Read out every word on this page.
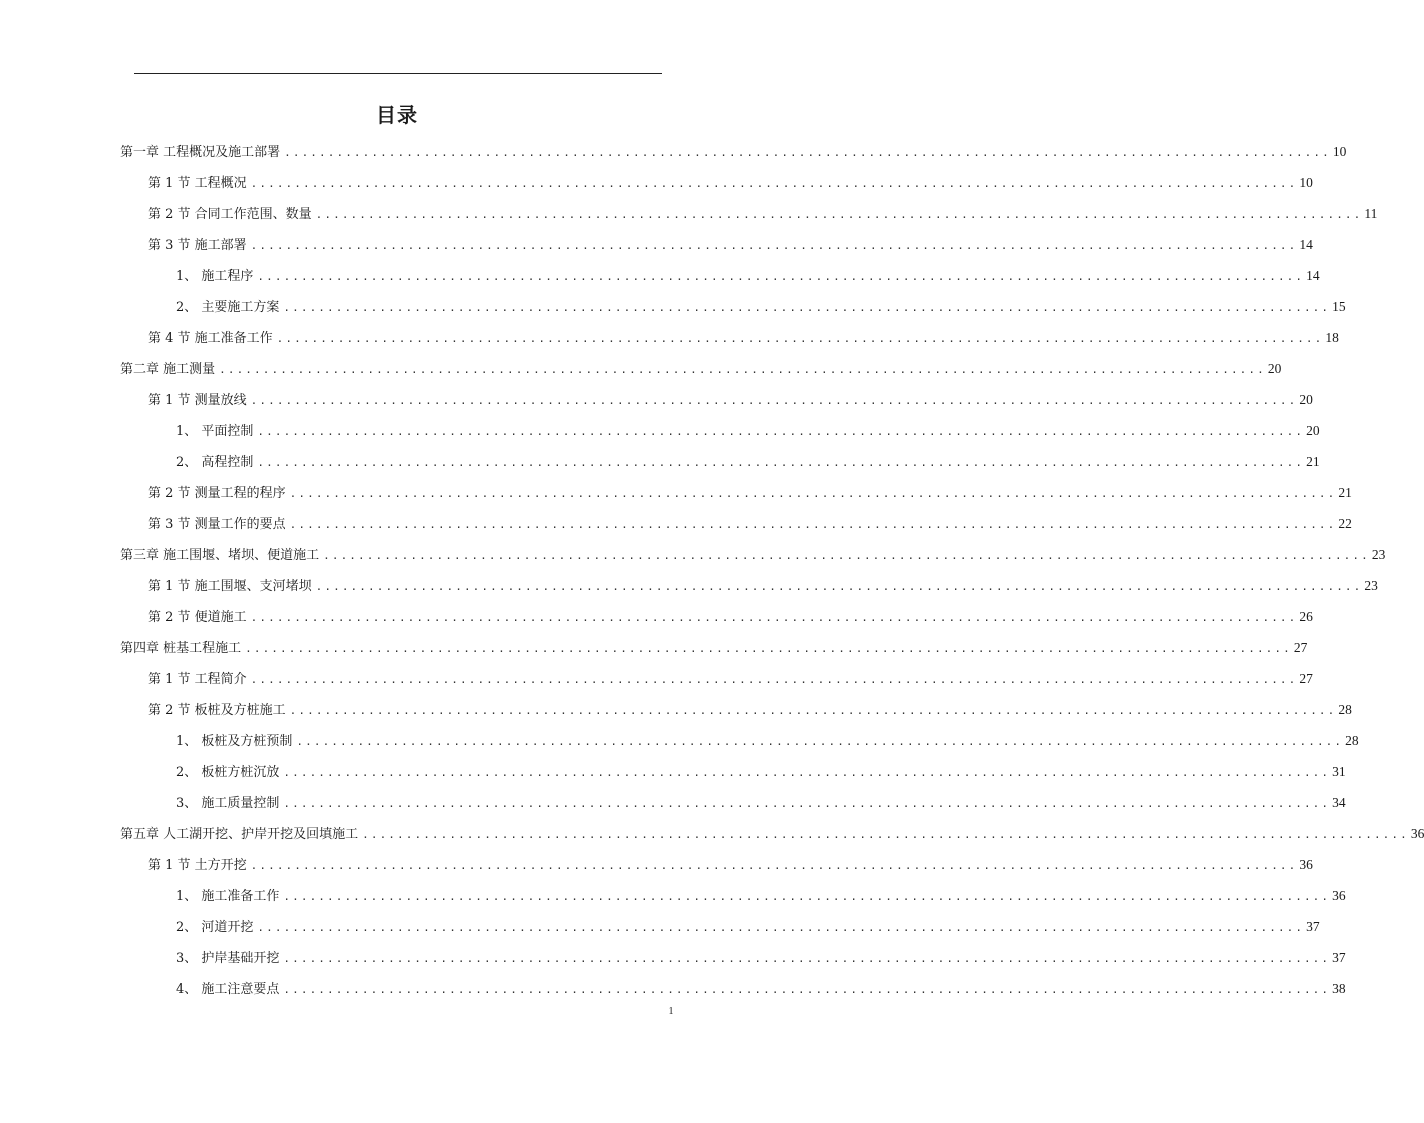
目录
第一章 工程概况及施工部署 ........................................................................................................................ 10
第 1 节 工程概况 ........................................................................................................................ 10
第 2 节 合同工作范围、数量 ........................................................................................................................ 11
第 3 节 施工部署 ........................................................................................................................ 14
1、 施工程序 ........................................................................................................................ 14
2、 主要施工方案 ........................................................................................................................ 15
第 4 节 施工准备工作 ........................................................................................................................ 18
第二章 施工测量 ........................................................................................................................ 20
第 1 节 测量放线 ........................................................................................................................ 20
1、 平面控制 ........................................................................................................................ 20
2、 高程控制 ........................................................................................................................ 21
第 2 节 测量工程的程序 ........................................................................................................................ 21
第 3 节 测量工作的要点 ........................................................................................................................ 22
第三章 施工围堰、堵坝、便道施工 ........................................................................................................................ 23
第 1 节 施工围堰、支河堵坝 ........................................................................................................................ 23
第 2 节 便道施工 ........................................................................................................................ 26
第四章 桩基工程施工 ........................................................................................................................ 27
第 1 节 工程简介 ........................................................................................................................ 27
第 2 节 板桩及方桩施工 ........................................................................................................................ 28
1、 板桩及方桩预制 ........................................................................................................................ 28
2、 板桩方桩沉放 ........................................................................................................................ 31
3、 施工质量控制 ........................................................................................................................ 34
第五章 人工湖开挖、护岸开挖及回填施工 ........................................................................................................................ 36
第 1 节 土方开挖 ........................................................................................................................ 36
1、 施工准备工作 ........................................................................................................................ 36
2、 河道开挖 ........................................................................................................................ 37
3、 护岸基础开挖 ........................................................................................................................ 37
4、 施工注意要点 ........................................................................................................................ 38
1
